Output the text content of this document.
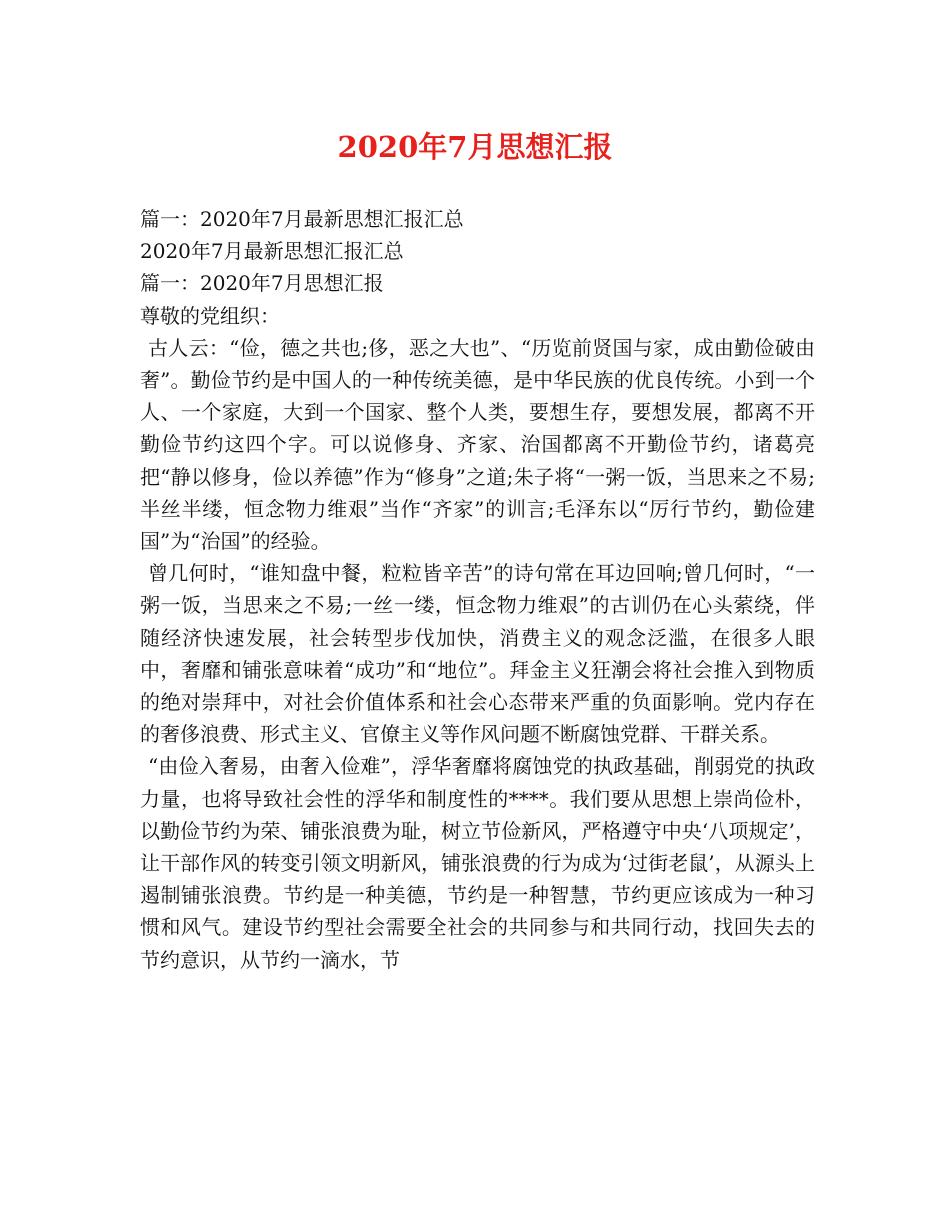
2020年7月思想汇报

篇一：2020年7月最新思想汇报汇总

2020年7月最新思想汇报汇总

篇一：2020年7月思想汇报

尊敬的党组织：

古人云：“俭，德之共也;侈，恶之大也”、“历览前贤国与家，成由勤俭破由奢”。勤俭节约是中国人的一种传统美德，是中华民族的优良传统。小到一个人、一个家庭，大到一个国家、整个人类，要想生存，要想发展，都离不开勤俭节约这四个字。可以说修身、齐家、治国都离不开勤俭节约，诸葛亮把“静以修身，俭以养德”作为“修身”之道;朱子将“一粥一饭，当思来之不易;半丝半缕，恒念物力维艰”当作“齐家”的训言;毛泽东以“厉行节约，勤俭建国”为“治国”的经验。

曾几何时，“谁知盘中餐，粒粒皆辛苦”的诗句常在耳边回响;曾几何时，“一粥一饭，当思来之不易;一丝一缕，恒念物力维艰”的古训仍在心头萦绕，伴随经济快速发展，社会转型步伐加快，消费主义的观念泛滥，在很多人眼中，奢靡和铺张意味着“成功”和“地位”。拜金主义狂潮会将社会推入到物质的绝对崇拜中，对社会价值体系和社会心态带来严重的负面影响。党内存在的奢侈浪费、形式主义、官僚主义等作风问题不断腐蚀党群、干群关系。

“由俭入奢易，由奢入俭难”，浮华奢靡将腐蚀党的执政基础，削弱党的执政力量，也将导致社会性的浮华和制度性的****。我们要从思想上崇尚俭朴，以勤俭节约为荣、铺张浪费为耻，树立节俭新风，严格遵守中央‘八项规定’，让干部作风的转变引领文明新风，铺张浪费的行为成为‘过街老鼠’，从源头上遏制铺张浪费。节约是一种美德，节约是一种智慧，节约更应该成为一种习惯和风气。建设节约型社会需要全社会的共同参与和共同行动，找回失去的节约意识，从节约一滴水，节
